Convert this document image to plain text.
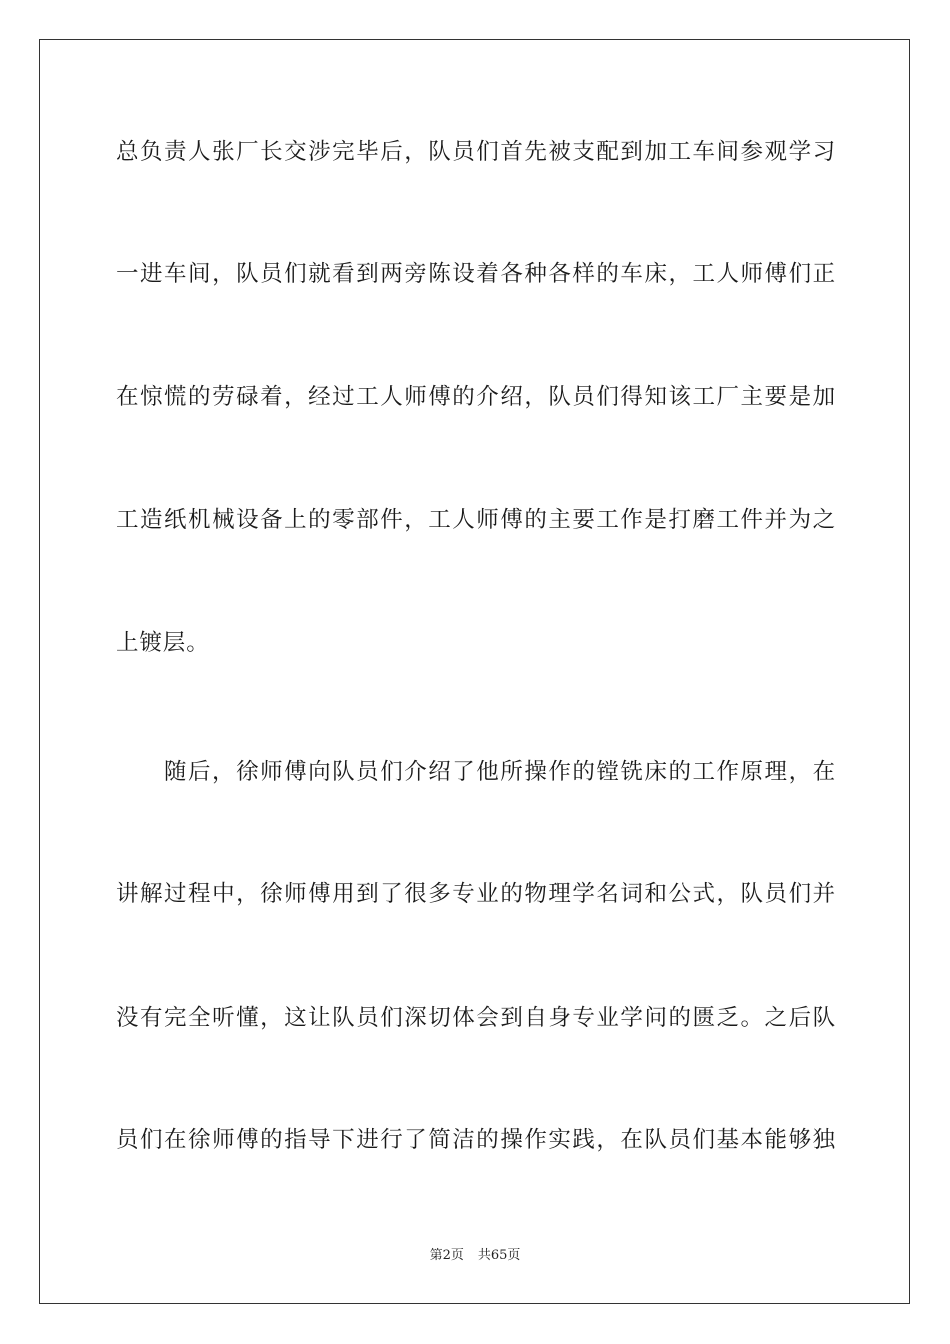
总负责人张厂长交涉完毕后，队员们首先被支配到加工车间参观学习
一进车间，队员们就看到两旁陈设着各种各样的车床，工人师傅们正
在惊慌的劳碌着，经过工人师傅的介绍，队员们得知该工厂主要是加
工造纸机械设备上的零部件，工人师傅的主要工作是打磨工件并为之
上镀层。
随后，徐师傅向队员们介绍了他所操作的镗铣床的工作原理，在
讲解过程中，徐师傅用到了很多专业的物理学名词和公式，队员们并
没有完全听懂，这让队员们深切体会到自身专业学问的匮乏。之后队
员们在徐师傅的指导下进行了简洁的操作实践，在队员们基本能够独
第2页 共65页
